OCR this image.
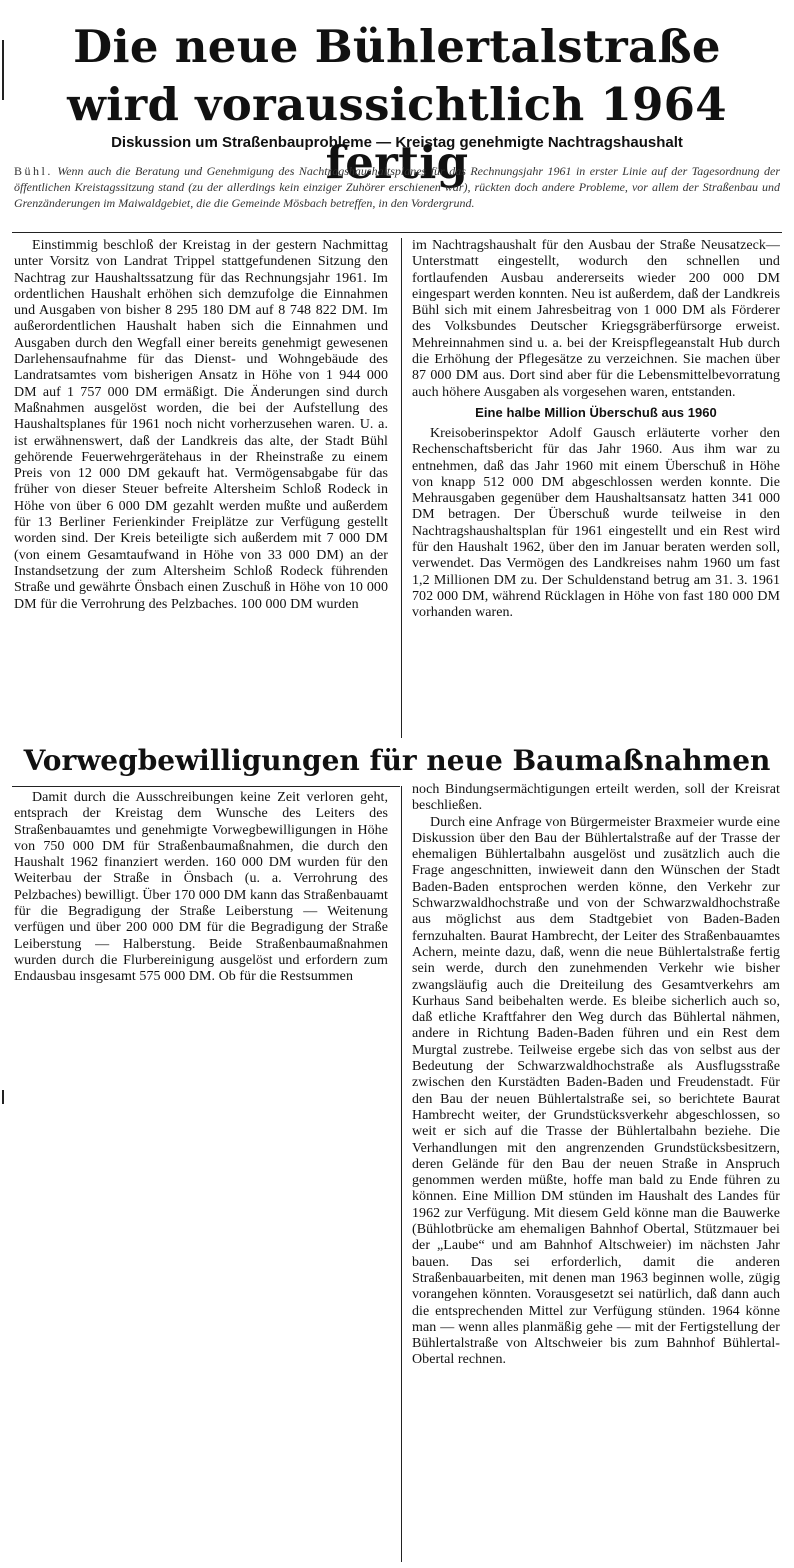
Die neue Bühlertalstraße
wird voraussichtlich 1964 fertig
Diskussion um Straßenbauprobleme — Kreistag genehmigte Nachtragshaushalt

Bühl. Wenn auch die Beratung und Genehmigung des Nachtragshaushaltsplanes für das Rechnungsjahr 1961 in erster Linie auf der Tagesordnung der öffentlichen Kreistagssitzung stand (zu der allerdings kein einziger Zuhörer erschienen war), rückten doch andere Probleme, vor allem der Straßenbau und Grenzänderungen im Maiwaldgebiet, die die Gemeinde Mösbach betreffen, in den Vordergrund.

Einstimmig beschloß der Kreistag in der gestern Nachmittag unter Vorsitz von Landrat Trippel stattgefundenen Sitzung den Nachtrag zur Haushaltssatzung für das Rechnungsjahr 1961. Im ordentlichen Haushalt erhöhen sich demzufolge die Einnahmen und Ausgaben von bisher 8 295 180 DM auf 8 748 822 DM. Im außerordentlichen Haushalt haben sich die Einnahmen und Ausgaben durch den Wegfall einer bereits genehmigt gewesenen Darlehensaufnahme für das Dienst- und Wohngebäude des Landratsamtes vom bisherigen Ansatz in Höhe von 1 944 000 DM auf 1 757 000 DM ermäßigt. Die Änderungen sind durch Maßnahmen ausgelöst worden, die bei der Aufstellung des Haushaltsplanes für 1961 noch nicht vorherzusehen waren. U. a. ist erwähnenswert, daß der Landkreis das alte, der Stadt Bühl gehörende Feuerwehrgerätehaus in der Rheinstraße zu einem Preis von 12 000 DM gekauft hat. Vermögensabgabe für das früher von dieser Steuer befreite Altersheim Schloß Rodeck in Höhe von über 6 000 DM gezahlt werden mußte und außerdem für 13 Berliner Ferienkinder Freiplätze zur Verfügung gestellt worden sind. Der Kreis beteiligte sich außerdem mit 7 000 DM (von einem Gesamtaufwand in Höhe von 33 000 DM) an der Instandsetzung der zum Altersheim Schloß Rodeck führenden Straße und gewährte Önsbach einen Zuschuß in Höhe von 10 000 DM für die Verrohrung des Pelzbaches. 100 000 DM wurden

im Nachtragshaushalt für den Ausbau der Straße Neusatzeck—Unterstmatt eingestellt, wodurch den schnellen und fortlaufenden Ausbau andererseits wieder 200 000 DM eingespart werden konnten. Neu ist außerdem, daß der Landkreis Bühl sich mit einem Jahresbeitrag von 1 000 DM als Förderer des Volksbundes Deutscher Kriegsgräberfürsorge erweist. Mehreinnahmen sind u. a. bei der Kreispflegeanstalt Hub durch die Erhöhung der Pflegesätze zu verzeichnen. Sie machen über 87 000 DM aus. Dort sind aber für die Lebensmittelbevorratung auch höhere Ausgaben als vorgesehen waren, entstanden.

Eine halbe Million Überschuß aus 1960

Kreisoberinspektor Adolf Gausch erläuterte vorher den Rechenschaftsbericht für das Jahr 1960. Aus ihm war zu entnehmen, daß das Jahr 1960 mit einem Überschuß in Höhe von knapp 512 000 DM abgeschlossen werden konnte. Die Mehrausgaben gegenüber dem Haushaltsansatz hatten 341 000 DM betragen. Der Überschuß wurde teilweise in den Nachtragshaushaltsplan für 1961 eingestellt und ein Rest wird für den Haushalt 1962, über den im Januar beraten werden soll, verwendet. Das Vermögen des Landkreises nahm 1960 um fast 1,2 Millionen DM zu. Der Schuldenstand betrug am 31. 3. 1961 702 000 DM, während Rücklagen in Höhe von fast 180 000 DM vorhanden waren.

Vorwegbewilligungen für neue Baumaßnahmen

Damit durch die Ausschreibungen keine Zeit verloren geht, entsprach der Kreistag dem Wunsche des Leiters des Straßenbauamtes und genehmigte Vorwegbewilligungen in Höhe von 750 000 DM für Straßenbaumaßnahmen, die durch den Haushalt 1962 finanziert werden. 160 000 DM wurden für den Weiterbau der Straße in Önsbach (u. a. Verrohrung des Pelzbaches) bewilligt. Über 170 000 DM kann das Straßenbauamt für die Begradigung der Straße Leiberstung — Weitenung verfügen und über 200 000 DM für die Begradigung der Straße Leiberstung — Halberstung. Beide Straßenbaumaßnahmen wurden durch die Flurbereinigung ausgelöst und erfordern zum Endausbau insgesamt 575 000 DM. Ob für die Restsummen

noch Bindungsermächtigungen erteilt werden, soll der Kreisrat beschließen.

Durch eine Anfrage von Bürgermeister Braxmeier wurde eine Diskussion über den Bau der Bühlertalstraße auf der Trasse der ehemaligen Bühlertalbahn ausgelöst und zusätzlich auch die Frage angeschnitten, inwieweit dann den Wünschen der Stadt Baden-Baden entsprochen werden könne, den Verkehr zur Schwarzwaldhochstraße und von der Schwarzwaldhochstraße aus möglichst aus dem Stadtgebiet von Baden-Baden fernzuhalten. Baurat Hambrecht, der Leiter des Straßenbauamtes Achern, meinte dazu, daß, wenn die neue Bühlertalstraße fertig sein werde, durch den zunehmenden Verkehr wie bisher zwangsläufig auch die Dreiteilung des Gesamtverkehrs am Kurhaus Sand beibehalten werde. Es bleibe sicherlich auch so, daß etliche Kraftfahrer den Weg durch das Bühlertal nähmen, andere in Richtung Baden-Baden führen und ein Rest dem Murgtal zustrebe. Teilweise ergebe sich das von selbst aus der Bedeutung der Schwarzwaldhochstraße als Ausflugsstraße zwischen den Kurstädten Baden-Baden und Freudenstadt. Für den Bau der neuen Bühlertalstraße sei, so berichtete Baurat Hambrecht weiter, der Grundstücksverkehr abgeschlossen, so weit er sich auf die Trasse der Bühlertalbahn beziehe. Die Verhandlungen mit den angrenzenden Grundstücksbesitzern, deren Gelände für den Bau der neuen Straße in Anspruch genommen werden müßte, hoffe man bald zu Ende führen zu können. Eine Million DM stünden im Haushalt des Landes für 1962 zur Verfügung. Mit diesem Geld könne man die Bauwerke (Bühlotbrücke am ehemaligen Bahnhof Obertal, Stützmauer bei der „Laube“ und am Bahnhof Altschweier) im nächsten Jahr bauen. Das sei erforderlich, damit die anderen Straßenbauarbeiten, mit denen man 1963 beginnen wolle, zügig vorangehen könnten. Vorausgesetzt sei natürlich, daß dann auch die entsprechenden Mittel zur Verfügung stünden. 1964 könne man — wenn alles planmäßig gehe — mit der Fertigstellung der Bühlertalstraße von Altschweier bis zum Bahnhof Bühlertal-Obertal rechnen.
